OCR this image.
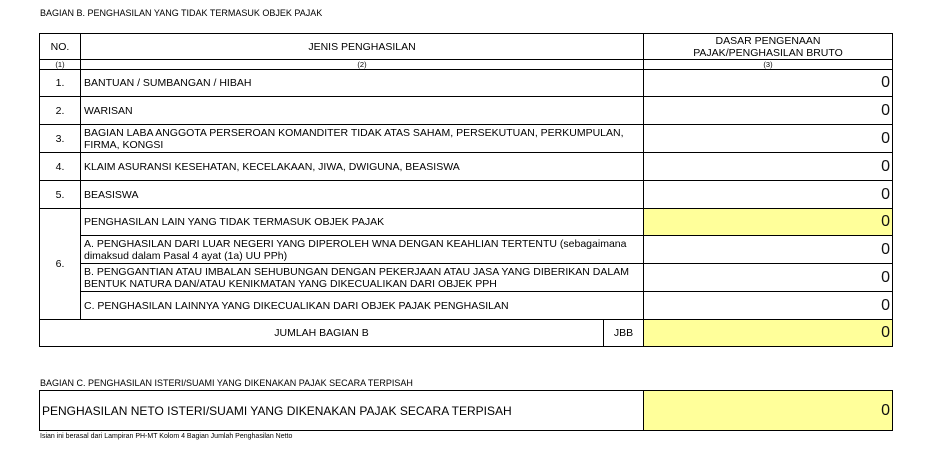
BAGIAN B. PENGHASILAN YANG TIDAK TERMASUK OBJEK PAJAK
NO.	JENIS PENGHASILAN		DASAR PENGENAAN
PAJAK/PENGHASILAN BRUTO

(1)	(2)		(3)
1.	BANTUAN / SUMBANGAN / HIBAH		0
2.	WARISAN		0
3.	BAGIAN LABA ANGGOTA PERSEROAN KOMANDITER TIDAK ATAS SAHAM, PERSEKUTUAN, PERKUMPULAN, FIRMA, KONGSI		0
4.	KLAIM ASURANSI KESEHATAN, KECELAKAAN, JIWA, DWIGUNA, BEASISWA		0
5.	BEASISWA		0
6.	PENGHASILAN LAIN YANG TIDAK TERMASUK OBJEK PAJAK		0
	A. PENGHASILAN DARI LUAR NEGERI YANG DIPEROLEH WNA DENGAN KEAHLIAN TERTENTU (sebagaimana dimaksud dalam Pasal 4 ayat (1a) UU PPh)		0
	B. PENGGANTIAN ATAU IMBALAN SEHUBUNGAN DENGAN PEKERJAAN ATAU JASA YANG DIBERIKAN DALAM BENTUK NATURA DAN/ATAU KENIKMATAN YANG DIKECUALIKAN DARI OBJEK PPH		0
	C. PENGHASILAN LAINNYA YANG DIKECUALIKAN DARI OBJEK PAJAK PENGHASILAN		0
JUMLAH BAGIAN B		JBB	0
BAGIAN C. PENGHASILAN ISTERI/SUAMI YANG DIKENAKAN PAJAK SECARA TERPISAH
PENGHASILAN NETO ISTERI/SUAMI YANG DIKENAKAN PAJAK SECARA TERPISAH	0
Isian ini berasal dari Lampiran PH-MT Kolom 4 Bagian Jumlah Penghasilan Netto
